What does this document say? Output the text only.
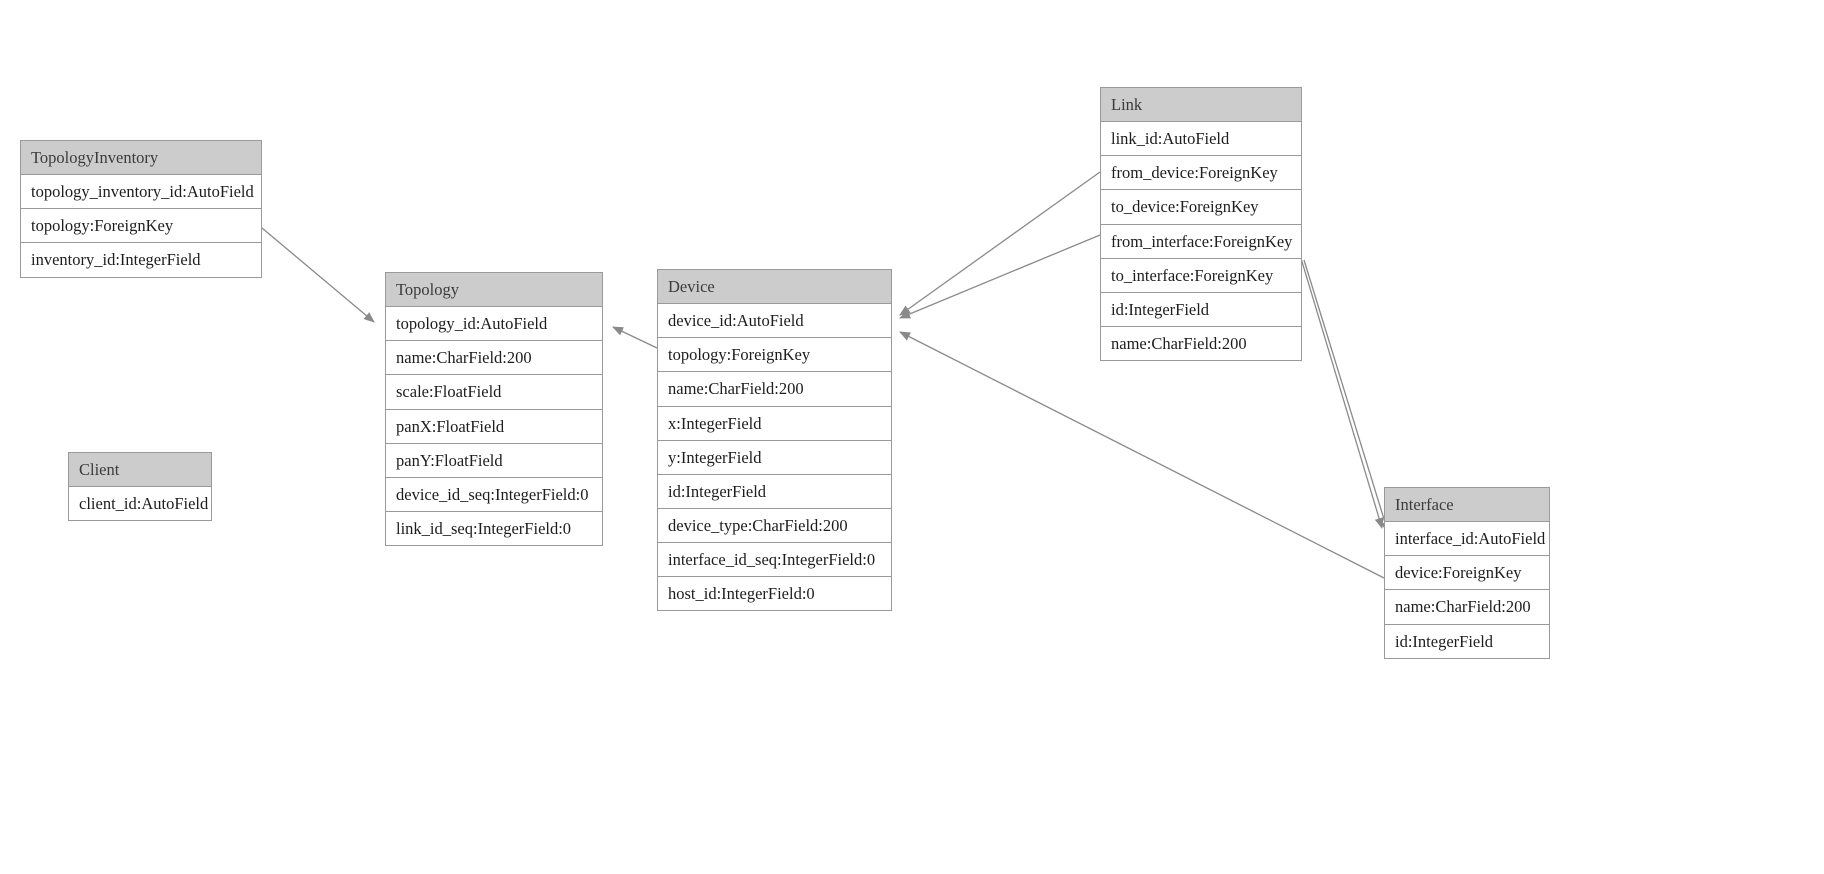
TopologyInventory
topology_inventory_id:AutoField
topology:ForeignKey
inventory_id:IntegerField
Client
client_id:AutoField
Topology
topology_id:AutoField
name:CharField:200
scale:FloatField
panX:FloatField
panY:FloatField
device_id_seq:IntegerField:0
link_id_seq:IntegerField:0
Device
device_id:AutoField
topology:ForeignKey
name:CharField:200
x:IntegerField
y:IntegerField
id:IntegerField
device_type:CharField:200
interface_id_seq:IntegerField:0
host_id:IntegerField:0
Link
link_id:AutoField
from_device:ForeignKey
to_device:ForeignKey
from_interface:ForeignKey
to_interface:ForeignKey
id:IntegerField
name:CharField:200
Interface
interface_id:AutoField
device:ForeignKey
name:CharField:200
id:IntegerField
